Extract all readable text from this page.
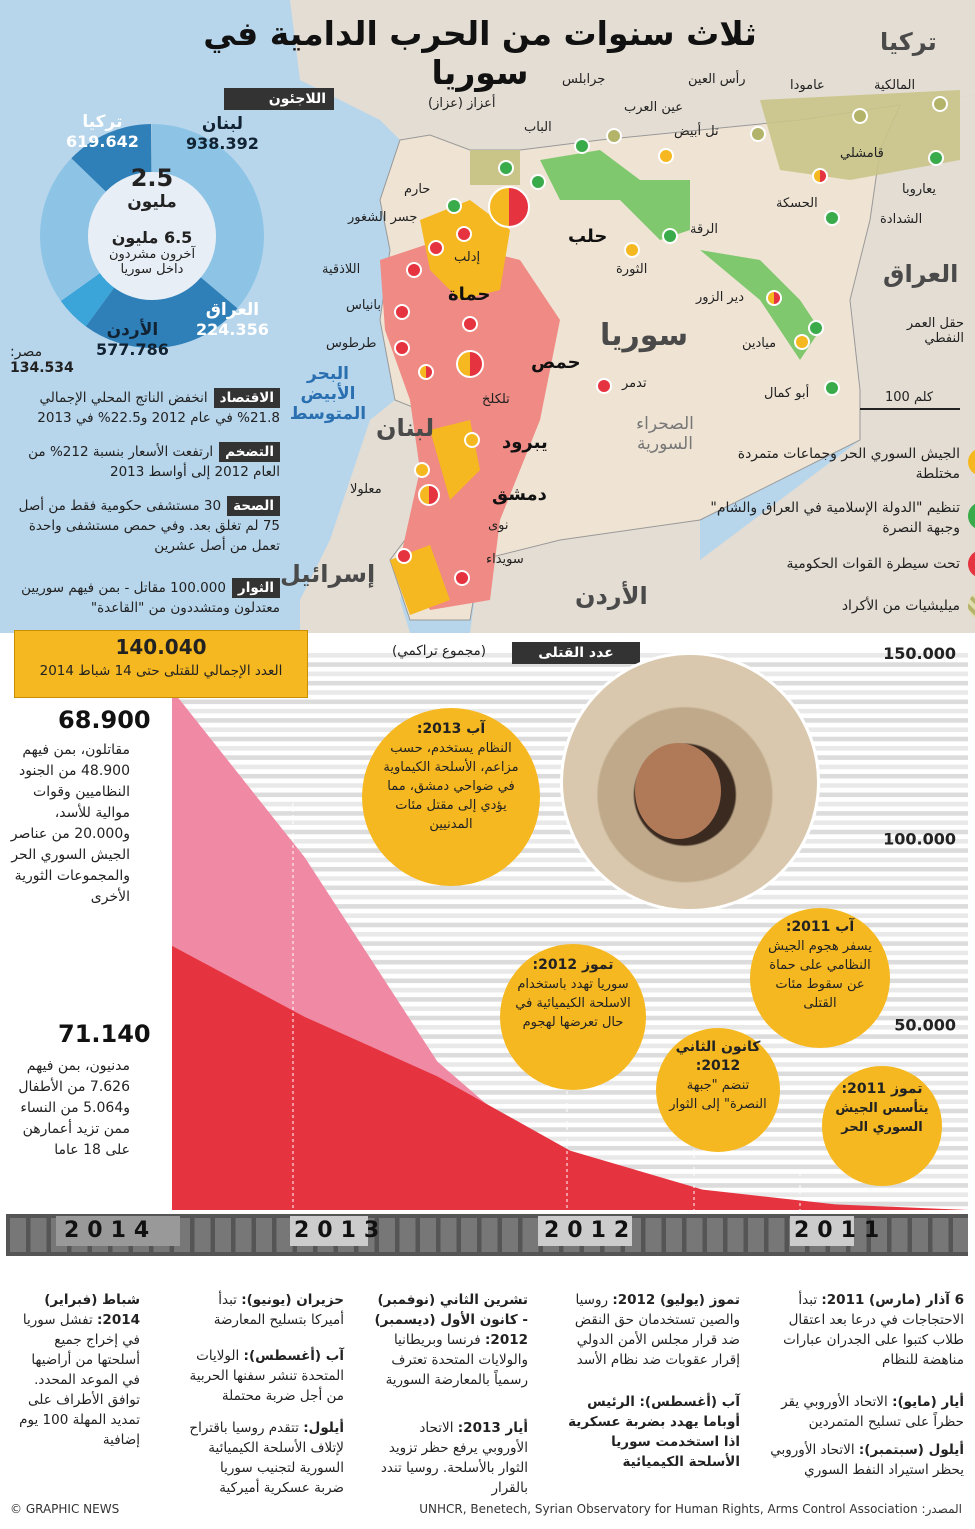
ثلاث سنوات من الحرب الدامية في سوريا
تركيا
العراق
سوريا
لبنان
إسرائيل
الأردن
البحر الأبيض المتوسط	الصحراء السورية
100 كلم
حلب
حماة
حمص
دمشق
يبرود
جرابلس
أعزاز (عزاز)
الباب
عين العرب
رأس العين	عامودا	المالكية
تل أبيض
قامشلي
حارم
جسر الشغور
إدلب
الرقة
الحسكة
الشدادة
يعاروبا
اللاذقية
بانياس
طرطوس
الثورة
دير الزور
حقل العمر النفطي
ميادين
أبو كمال
تدمر
تلكلخ
معلولا
نوى
سويداء
اللاجئون
لبنان
938.392
تركيا
619.642
العراق
224.356
الأردن
577.786
2.5
مليون
6.5 مليون
آخرون مشردون داخل سوريا
مصر:
134.534
الاقتصاد
انخفض الناتج المحلي الإجمالي 21.8% في عام 2012 و22.5% في 2013
التضخم
ارتفعت الأسعار بنسبة 212% من العام 2012 إلى أواسط 2013
الصحة
30 مستشفى حكومية فقط من أصل 75 لم تغلق بعد. وفي حمص مستشفى واحدة تعمل من أصل عشرين
الثوار
100.000 مقاتل - بمن فيهم سوريين معتدلون ومتشددون من "القاعدة"
الجيش السوري الحر وجماعات متمردة مختلطة
تنظيم "الدولة الإسلامية في العراق والشام" وجبهة النصرة
تحت سيطرة القوات الحكومية
ميليشيات من الأكراد
150.000
100.000
50.000
140.040
العدد الإجمالي للقتلى حتى 14 شباط 2014
عدد القتلى
(مجموع تراكمي)
68.900
مقاتلون، بمن فيهم 48.900 من الجنود النظاميين وقوات موالية للأسد، و20.000 من عناصر الجيش السوري الحر والمجموعات الثورية الأخرى
71.140
مدنيون، بمن فيهم 7.626 من الأطفال و5.064 من النساء ممن تزيد أعمارهن على 18 عاما
آب 2013:
النظام يستخدم، حسب مزاعم، الأسلحة الكيماوية في ضواحي دمشق، مما يؤدي إلى مقتل مئات المدنيين
تموز 2012:
سوريا تهدد باستخدام الاسلحة الكيميائية في حال تعرضها لهجوم
كانون الثاني 2012:
تنضم "جبهة النصرة" إلى الثوار
آب 2011:
يسفر هجوم الجيش النظامي على حماة عن سقوط مئات القتلى
تموز 2011:
يتأسس الجيش السوري الحر
2014	2013	2012	2011
شباط (فبراير) 2014: تفشل سوريا في إخراج جميع أسلحتها من أراضيها في الموعد المحدد. توافق الأطراف على تمديد المهلة 100 يوم إضافية
حزيران (يونيو): تبدأ أميركا بتسليح المعارضة
آب (أغسطس): الولايات المتحدة تنشر سفنها الحربية من أجل ضربة محتملة
أيلول: تتقدم روسيا باقتراح لإتلاف الأسلحة الكيميائية السورية لتجنيب سوريا ضربة عسكرية أميركية
تشرين الثاني (نوفمبر) - كانون الأول (ديسمبر) 2012: فرنسا وبريطانيا والولايات المتحدة تعترف رسمياً بالمعارضة السورية
أيار 2013: الاتحاد الأوروبي يرفع حظر تزويد الثوار بالأسلحة. روسيا تندد بالقرار
تموز (يوليو) 2012: روسيا والصين تستخدمان حق النقض ضد قرار مجلس الأمن الدولي إقرار عقوبات ضد نظام الأسد
آب (أغسطس): الرئيس أوباما يهدد بضربة عسكرية اذا استخدمت سوريا الأسلحة الكيميائية
6 آذار (مارس) 2011: تبدأ الاحتجاجات في درعا بعد اعتقال طلاب كتبوا على الجدران عبارات مناهضة للنظام
أيار (مايو): الاتحاد الأوروبي يقر حظراً على تسليح المتمردين
أيلول (سبتمبر): الاتحاد الأوروبي يحظر استيراد النفط السوري
© GRAPHIC NEWS	UNHCR, Benetech, Syrian Observatory for Human Rights, Arms Control Association :المصدر
